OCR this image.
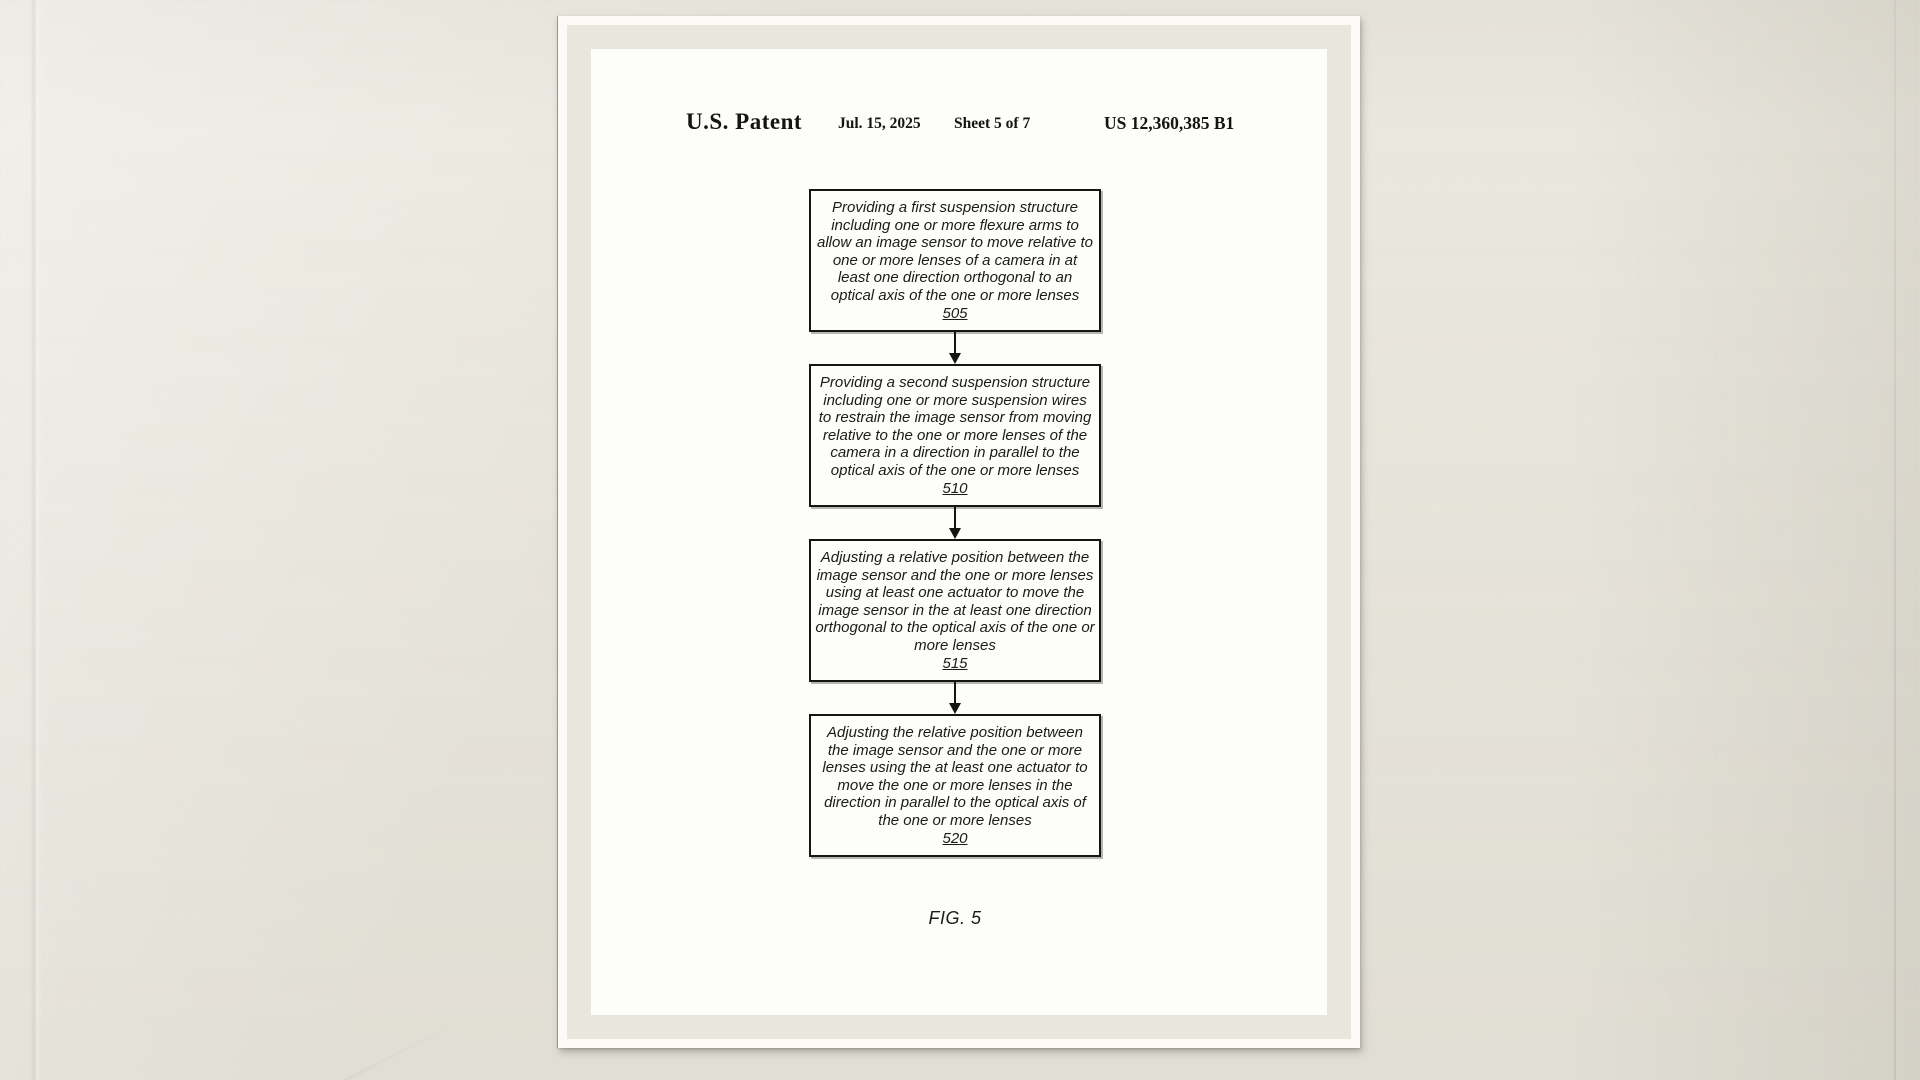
U.S. Patent Jul. 15, 2025 Sheet 5 of 7	US 12,360,385 B1
Providing a first suspension structure including one or more flexure arms to allow an image sensor to move relative to one or more lenses of a camera in at least one direction orthogonal to an optical axis of the one or more lenses
505
Providing a second suspension structure including one or more suspension wires to restrain the image sensor from moving relative to the one or more lenses of the camera in a direction in parallel to the optical axis of the one or more lenses
510
Adjusting a relative position between the image sensor and the one or more lenses using at least one actuator to move the image sensor in the at least one direction orthogonal to the optical axis of the one or more lenses
515
Adjusting the relative position between the image sensor and the one or more lenses using the at least one actuator to move the one or more lenses in the direction in parallel to the optical axis of the one or more lenses
520
FIG. 5
